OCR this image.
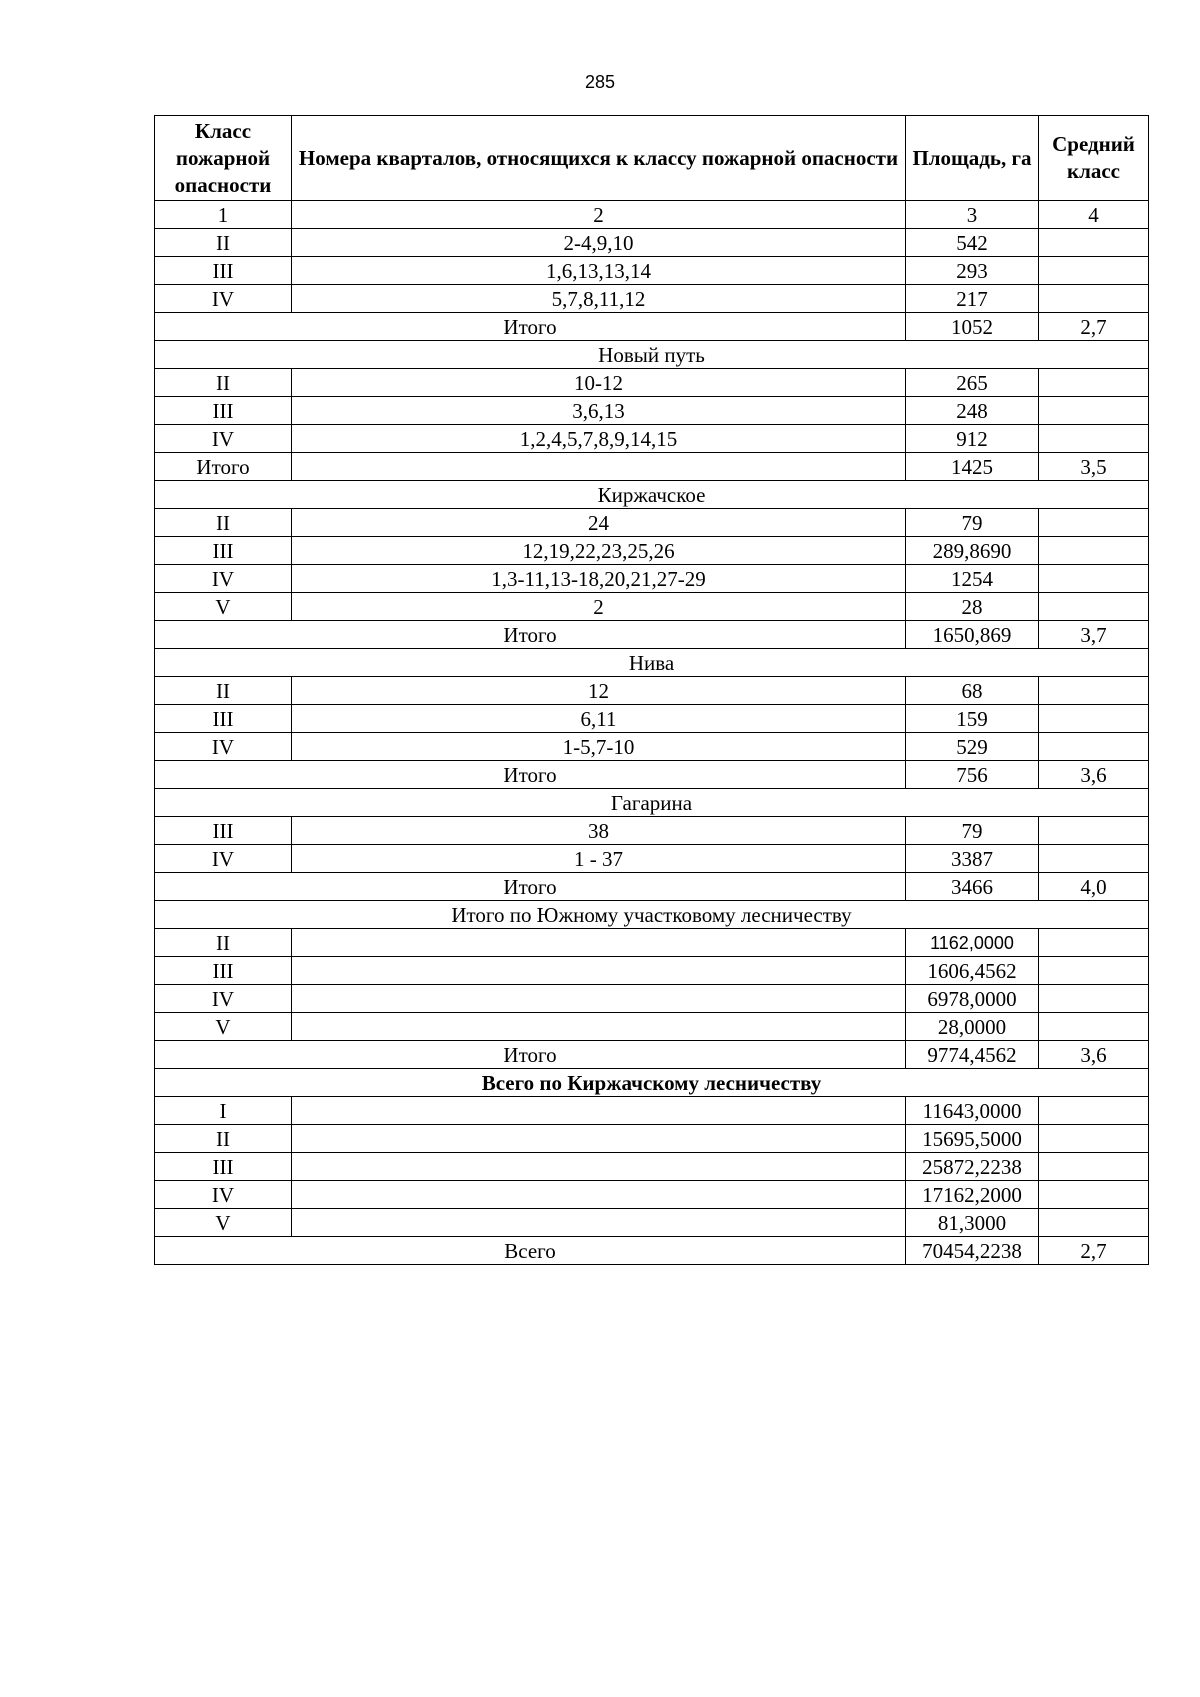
285
Класс пожарной опасности	Номера кварталов, относящихся к классу пожарной опасности	Площадь, га	Средний класс
1	2	3	4
II	2-4,9,10	542	
III	1,6,13,13,14	293	
IV	5,7,8,11,12	217	
Итого		1052	2,7
Новый путь			
II	10-12	265	
III	3,6,13	248	
IV	1,2,4,5,7,8,9,14,15	912	
Итого		1425	3,5
Киржачское			
II	24	79	
III	12,19,22,23,25,26	289,8690	
IV	1,3-11,13-18,20,21,27-29	1254	
V	2	28	
Итого		1650,869	3,7
Нива			
II	12	68	
III	6,11	159	
IV	1-5,7-10	529	
Итого		756	3,6
Гагарина			
III	38	79	
IV	1 - 37	3387	
Итого		3466	4,0
Итого по Южному участковому лесничеству			
II		1162,0000	
III		1606,4562	
IV		6978,0000	
V		28,0000	
Итого		9774,4562	3,6
Всего по Киржачскому лесничеству			
I		11643,0000	
II		15695,5000	
III		25872,2238	
IV		17162,2000	
V		81,3000	
Всего		70454,2238	2,7
